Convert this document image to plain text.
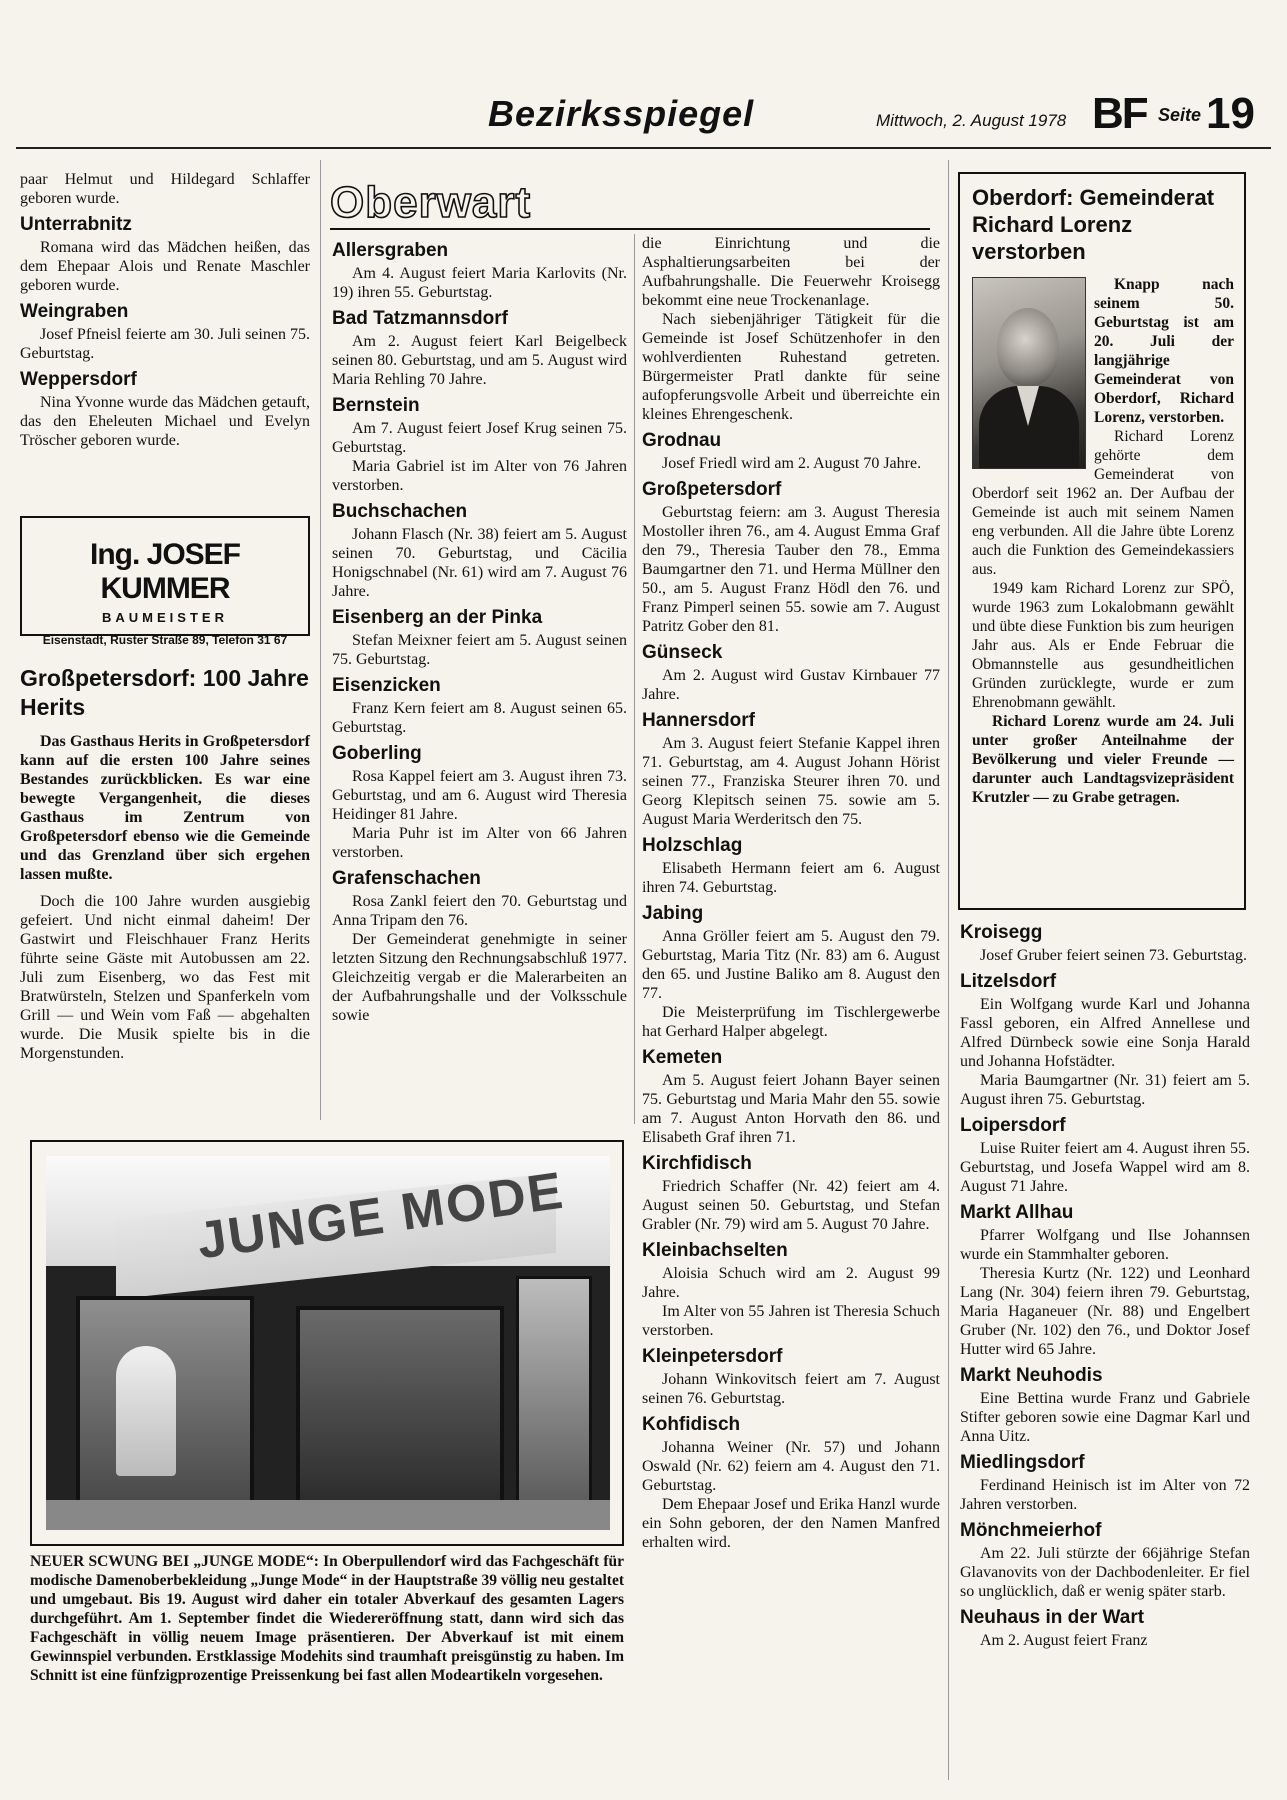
Bezirksspiegel	Mittwoch, 2. August 1978 BF Seite 19

paar Helmut und Hildegard Schlaffer geboren wurde.

Unterrabnitz

Romana wird das Mädchen heißen, das dem Ehepaar Alois und Renate Maschler geboren wurde.

Weingraben

Josef Pfneisl feierte am 30. Juli seinen 75. Geburtstag.

Weppersdorf

Nina Yvonne wurde das Mädchen getauft, das den Eheleuten Michael und Evelyn Tröscher geboren wurde.

Ing. JOSEF KUMMER
BAUMEISTER
Eisenstadt, Ruster Straße 89, Telefon 31 67
Großpetersdorf: 100 Jahre Herits

Das Gasthaus Herits in Großpetersdorf kann auf die ersten 100 Jahre seines Bestandes zurückblicken. Es war eine bewegte Vergangenheit, die dieses Gasthaus im Zentrum von Großpetersdorf ebenso wie die Gemeinde und das Grenzland über sich ergehen lassen mußte.

Doch die 100 Jahre wurden ausgiebig gefeiert. Und nicht einmal daheim! Der Gastwirt und Fleischhauer Franz Herits führte seine Gäste mit Autobussen am 22. Juli zum Eisenberg, wo das Fest mit Bratwürsteln, Stelzen und Spanferkeln vom Grill — und Wein vom Faß — abgehalten wurde. Die Musik spielte bis in die Morgenstunden.

Oberwart
Allersgraben

Am 4. August feiert Maria Karlovits (Nr. 19) ihren 55. Geburtstag.

Bad Tatzmannsdorf

Am 2. August feiert Karl Beigelbeck seinen 80. Geburtstag, und am 5. August wird Maria Rehling 70 Jahre.

Bernstein

Am 7. August feiert Josef Krug seinen 75. Geburtstag.

Maria Gabriel ist im Alter von 76 Jahren verstorben.

Buchschachen

Johann Flasch (Nr. 38) feiert am 5. August seinen 70. Geburtstag, und Cäcilia Honigschnabel (Nr. 61) wird am 7. August 76 Jahre.

Eisenberg an der Pinka

Stefan Meixner feiert am 5. August seinen 75. Geburtstag.

Eisenzicken

Franz Kern feiert am 8. August seinen 65. Geburtstag.

Goberling

Rosa Kappel feiert am 3. August ihren 73. Geburtstag, und am 6. August wird Theresia Heidinger 81 Jahre.

Maria Puhr ist im Alter von 66 Jahren verstorben.

Grafenschachen

Rosa Zankl feiert den 70. Geburtstag und Anna Tripam den 76.

Der Gemeinderat genehmigte in seiner letzten Sitzung den Rechnungsabschluß 1977. Gleichzeitig vergab er die Malerarbeiten an der Aufbahrungshalle und der Volksschule sowie

die Einrichtung und die Asphaltierungsarbeiten bei der Aufbahrungshalle. Die Feuerwehr Kroisegg bekommt eine neue Trockenanlage.

Nach siebenjähriger Tätigkeit für die Gemeinde ist Josef Schützenhofer in den wohlverdienten Ruhestand getreten. Bürgermeister Pratl dankte für seine aufopferungsvolle Arbeit und überreichte ein kleines Ehrengeschenk.

Grodnau

Josef Friedl wird am 2. August 70 Jahre.

Großpetersdorf

Geburtstag feiern: am 3. August Theresia Mostoller ihren 76., am 4. August Emma Graf den 79., Theresia Tauber den 78., Emma Baumgartner den 71. und Herma Müllner den 50., am 5. August Franz Hödl den 76. und Franz Pimperl seinen 55. sowie am 7. August Patritz Gober den 81.

Günseck

Am 2. August wird Gustav Kirnbauer 77 Jahre.

Hannersdorf

Am 3. August feiert Stefanie Kappel ihren 71. Geburtstag, am 4. August Johann Hörist seinen 77., Franziska Steurer ihren 70. und Georg Klepitsch seinen 75. sowie am 5. August Maria Werderitsch den 75.

Holzschlag

Elisabeth Hermann feiert am 6. August ihren 74. Geburtstag.

Jabing

Anna Gröller feiert am 5. August den 79. Geburtstag, Maria Titz (Nr. 83) am 6. August den 65. und Justine Baliko am 8. August den 77.

Die Meisterprüfung im Tischlergewerbe hat Gerhard Halper abgelegt.

Kemeten

Am 5. August feiert Johann Bayer seinen 75. Geburtstag und Maria Mahr den 55. sowie am 7. August Anton Horvath den 86. und Elisabeth Graf ihren 71.

Kirchfidisch

Friedrich Schaffer (Nr. 42) feiert am 4. August seinen 50. Geburtstag, und Stefan Grabler (Nr. 79) wird am 5. August 70 Jahre.

Kleinbachselten

Aloisia Schuch wird am 2. August 99 Jahre.

Im Alter von 55 Jahren ist Theresia Schuch verstorben.

Kleinpetersdorf

Johann Winkovitsch feiert am 7. August seinen 76. Geburtstag.

Kohfidisch

Johanna Weiner (Nr. 57) und Johann Oswald (Nr. 62) feiern am 4. August den 71. Geburtstag.

Dem Ehepaar Josef und Erika Hanzl wurde ein Sohn geboren, der den Namen Manfred erhalten wird.

Oberdorf: Gemeinderat Richard Lorenz verstorben

Knapp nach seinem 50. Geburtstag ist am 20. Juli der langjährige Gemeinderat von Oberdorf, Richard Lorenz, verstorben.

Richard Lorenz gehörte dem Gemeinderat von Oberdorf seit 1962 an. Der Aufbau der Gemeinde ist auch mit seinem Namen eng verbunden. All die Jahre übte Lorenz auch die Funktion des Gemeindekassiers aus.

1949 kam Richard Lorenz zur SPÖ, wurde 1963 zum Lokalobmann gewählt und übte diese Funktion bis zum heurigen Jahr aus. Als er Ende Februar die Obmannstelle aus gesundheitlichen Gründen zurücklegte, wurde er zum Ehrenobmann gewählt.

Richard Lorenz wurde am 24. Juli unter großer Anteilnahme der Bevölkerung und vieler Freunde — darunter auch Landtagsvizepräsident Krutzler — zu Grabe getragen.

Kroisegg

Josef Gruber feiert seinen 73. Geburtstag.

Litzelsdorf

Ein Wolfgang wurde Karl und Johanna Fassl geboren, ein Alfred Annellese und Alfred Dürnbeck sowie eine Sonja Harald und Johanna Hofstädter.

Maria Baumgartner (Nr. 31) feiert am 5. August ihren 75. Geburtstag.

Loipersdorf

Luise Ruiter feiert am 4. August ihren 55. Geburtstag, und Josefa Wappel wird am 8. August 71 Jahre.

Markt Allhau

Pfarrer Wolfgang und Ilse Johannsen wurde ein Stammhalter geboren.

Theresia Kurtz (Nr. 122) und Leonhard Lang (Nr. 304) feiern ihren 79. Geburtstag, Maria Haganeuer (Nr. 88) und Engelbert Gruber (Nr. 102) den 76., und Doktor Josef Hutter wird 65 Jahre.

Markt Neuhodis

Eine Bettina wurde Franz und Gabriele Stifter geboren sowie eine Dagmar Karl und Anna Uitz.

Miedlingsdorf

Ferdinand Heinisch ist im Alter von 72 Jahren verstorben.

Mönchmeierhof

Am 22. Juli stürzte der 66jährige Stefan Glavanovits von der Dachbodenleiter. Er fiel so unglücklich, daß er wenig später starb.

Neuhaus in der Wart

Am 2. August feiert Franz

JUNGE MODE
NEUER SCWUNG BEI „JUNGE MODE“: In Oberpullendorf wird das Fachgeschäft für modische Damenoberbekleidung „Junge Mode“ in der Hauptstraße 39 völlig neu gestaltet und umgebaut. Bis 19. August wird daher ein totaler Abverkauf des gesamten Lagers durchgeführt. Am 1. September findet die Wiedereröffnung statt, dann wird sich das Fachgeschäft in völlig neuem Image präsentieren. Der Abverkauf ist mit einem Gewinnspiel verbunden. Erstklassige Modehits sind traumhaft preisgünstig zu haben. Im Schnitt ist eine fünfzigprozentige Preissenkung bei fast allen Modeartikeln vorgesehen.
